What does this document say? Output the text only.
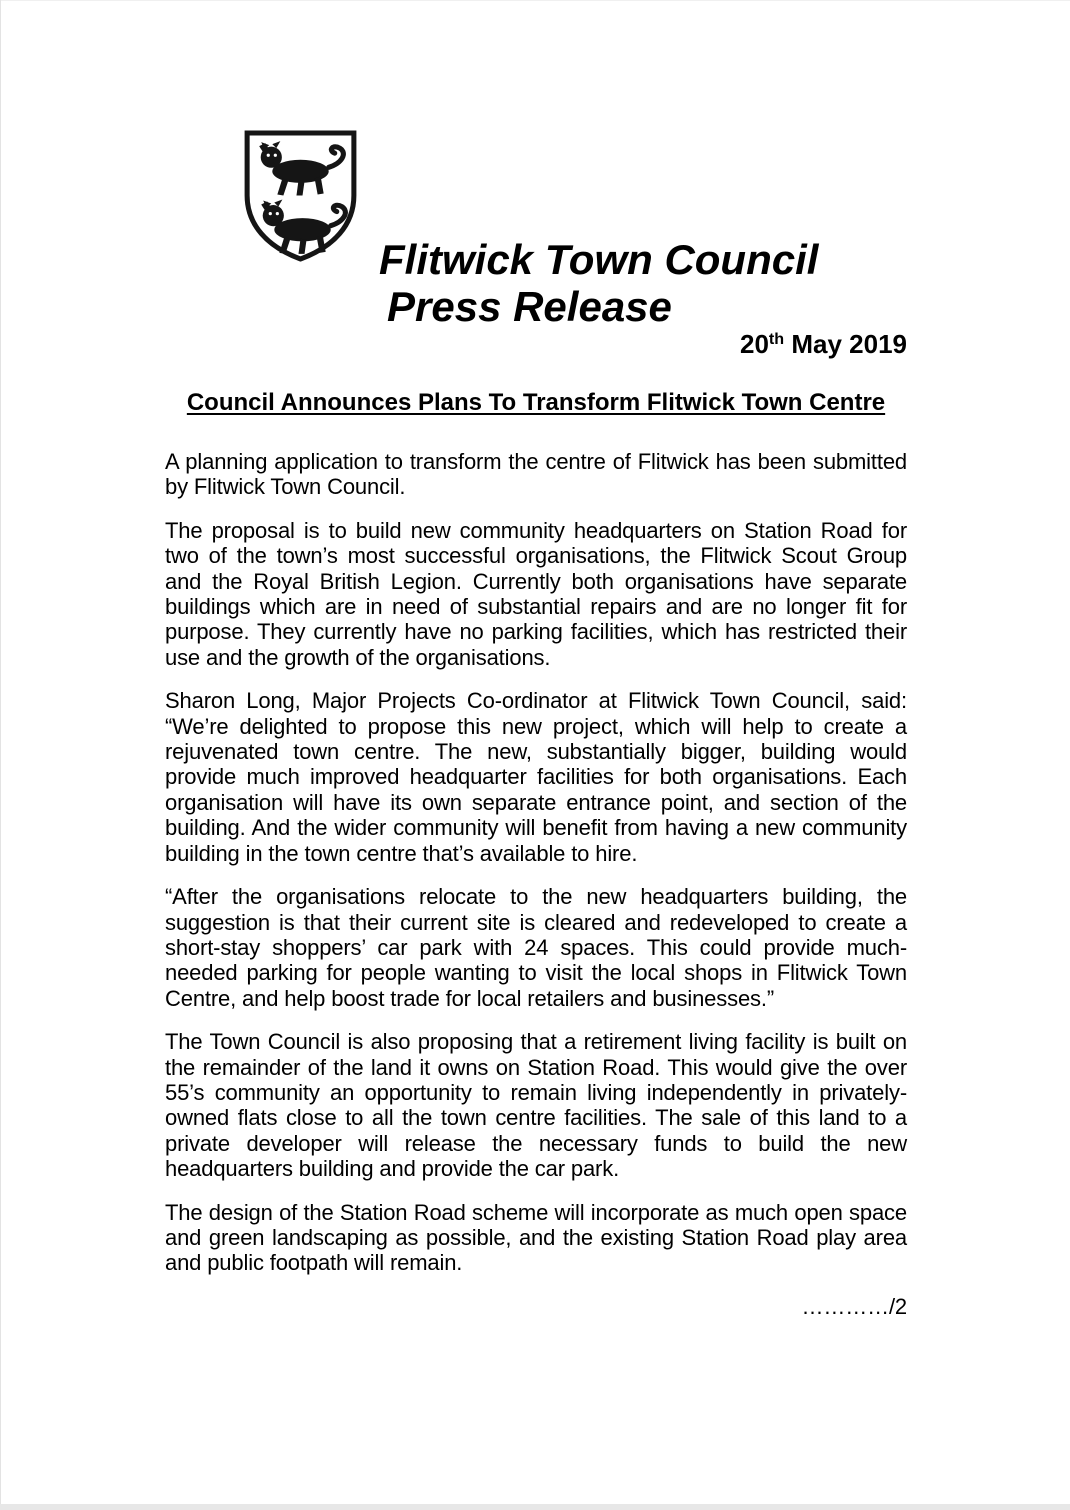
Flitwick Town Council
Press Release
20th May 2019
Council Announces Plans To Transform Flitwick Town Centre

A planning application to transform the centre of Flitwick has been submitted by Flitwick Town Council.

The proposal is to build new community headquarters on Station Road for two of the town’s most successful organisations, the Flitwick Scout Group and the Royal British Legion. Currently both organisations have separate buildings which are in need of substantial repairs and are no longer fit for purpose. They currently have no parking facilities, which has restricted their use and the growth of the organisations.

Sharon Long, Major Projects Co-ordinator at Flitwick Town Council, said: “We’re delighted to propose this new project, which will help to create a rejuvenated town centre. The new, substantially bigger, building would provide much improved headquarter facilities for both organisations. Each organisation will have its own separate entrance point, and section of the building. And the wider community will benefit from having a new community building in the town centre that’s available to hire.

“After the organisations relocate to the new headquarters building, the suggestion is that their current site is cleared and redeveloped to create a short-stay shoppers’ car park with 24 spaces. This could provide much-needed parking for people wanting to visit the local shops in Flitwick Town Centre, and help boost trade for local retailers and businesses.”

The Town Council is also proposing that a retirement living facility is built on the remainder of the land it owns on Station Road. This would give the over 55’s community an opportunity to remain living independently in privately-owned flats close to all the town centre facilities. The sale of this land to a private developer will release the necessary funds to build the new headquarters building and provide the car park.

The design of the Station Road scheme will incorporate as much open space and green landscaping as possible, and the existing Station Road play area and public footpath will remain.

…………/2
